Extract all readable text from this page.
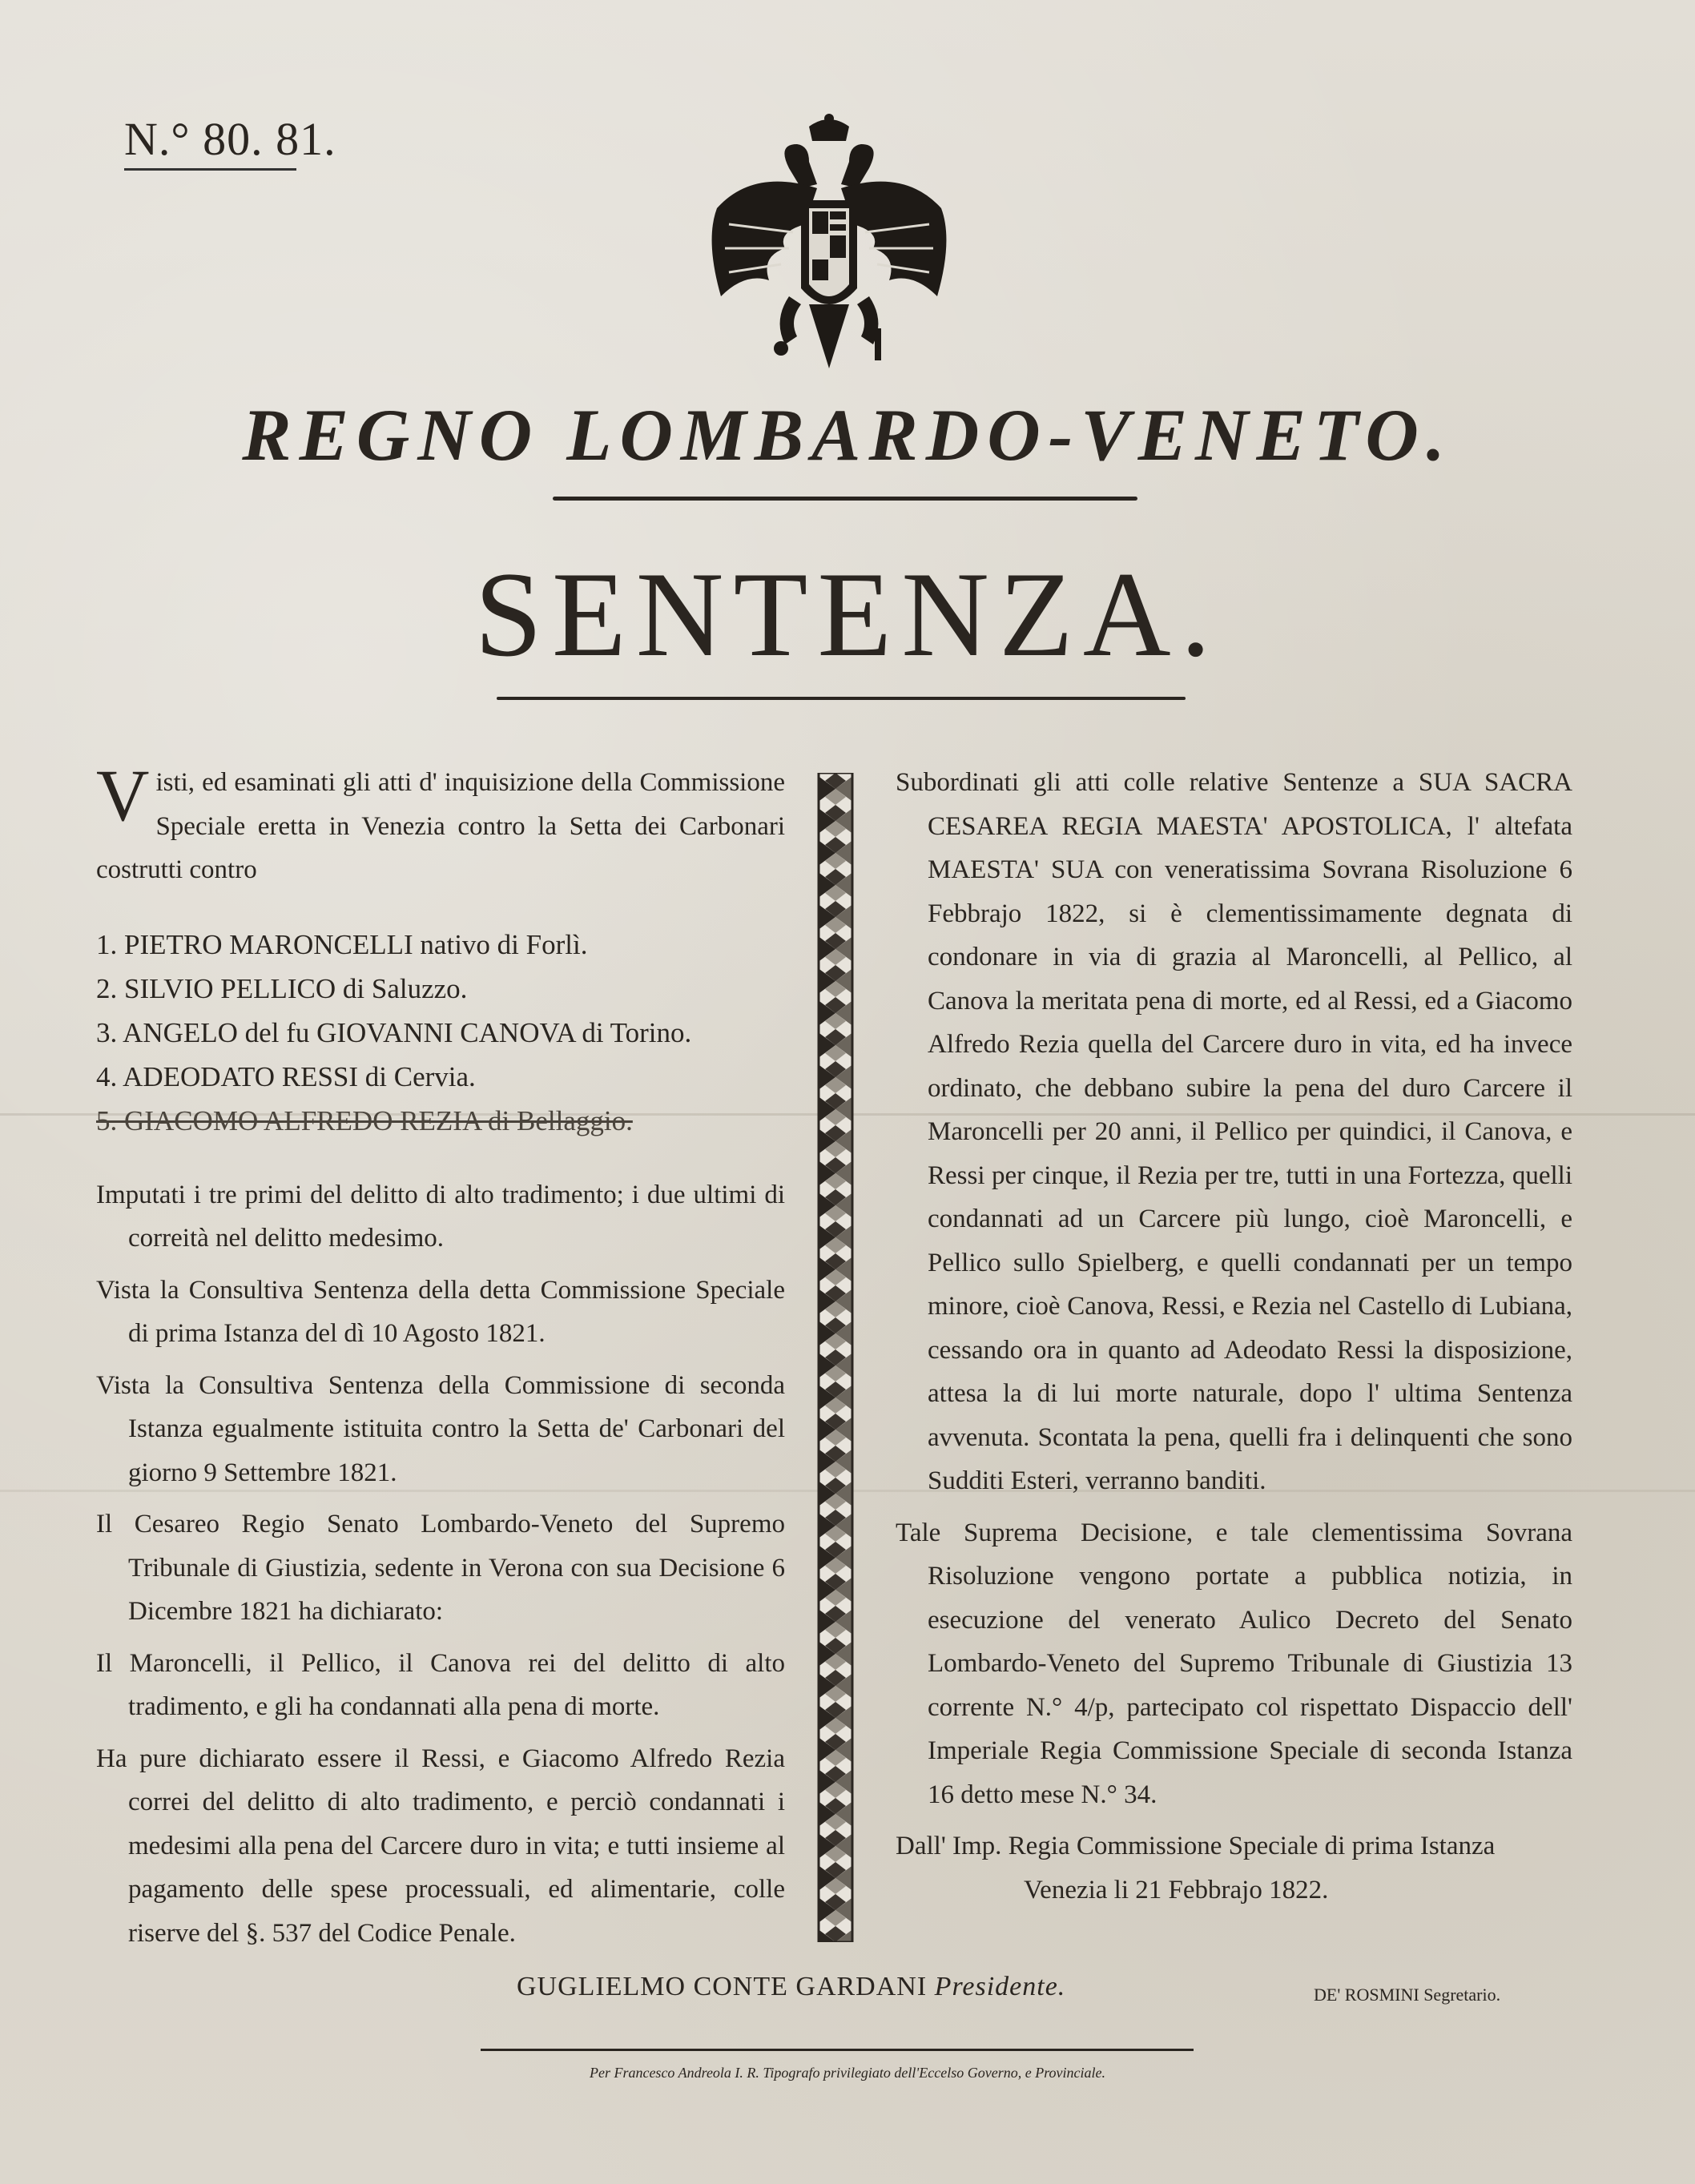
N.° 80. 81.
REGNO LOMBARDO-VENETO.
SENTENZA.

Visti, ed esaminati gli atti d' inquisizione della Commissione Speciale eretta in Venezia contro la Setta dei Carbonari costrutti contro

1. PIETRO MARONCELLI nativo di Forlì.
2. SILVIO PELLICO di Saluzzo.
3. ANGELO del fu GIOVANNI CANOVA di Torino.
4. ADEODATO RESSI di Cervia.
5. GIACOMO ALFREDO REZIA di Bellaggio.

Imputati i tre primi del delitto di alto tradimento; i due ultimi di correità nel delitto medesimo.

Vista la Consultiva Sentenza della detta Commissione Speciale di prima Istanza del dì 10 Agosto 1821.

Vista la Consultiva Sentenza della Commissione di seconda Istanza egualmente istituita contro la Setta de' Carbonari del giorno 9 Settembre 1821.

Il Cesareo Regio Senato Lombardo-Veneto del Supremo Tribunale di Giustizia, sedente in Verona con sua Decisione 6 Dicembre 1821 ha dichiarato:

Il Maroncelli, il Pellico, il Canova rei del delitto di alto tradimento, e gli ha condannati alla pena di morte.

Ha pure dichiarato essere il Ressi, e Giacomo Alfredo Rezia correi del delitto di alto tradimento, e perciò condannati i medesimi alla pena del Carcere duro in vita; e tutti insieme al pagamento delle spese processuali, ed alimentarie, colle riserve del §. 537 del Codice Penale.

Subordinati gli atti colle relative Sentenze a SUA SACRA CESAREA REGIA MAESTA' APOSTOLICA, l' altefata MAESTA' SUA con veneratissima Sovrana Risoluzione 6 Febbrajo 1822, si è clementissimamente degnata di condonare in via di grazia al Maroncelli, al Pellico, al Canova la meritata pena di morte, ed al Ressi, ed a Giacomo Alfredo Rezia quella del Carcere duro in vita, ed ha invece ordinato, che debbano subire la pena del duro Carcere il Maroncelli per 20 anni, il Pellico per quindici, il Canova, e Ressi per cinque, il Rezia per tre, tutti in una Fortezza, quelli condannati ad un Carcere più lungo, cioè Maroncelli, e Pellico sullo Spielberg, e quelli condannati per un tempo minore, cioè Canova, Ressi, e Rezia nel Castello di Lubiana, cessando ora in quanto ad Adeodato Ressi la disposizione, attesa la di lui morte naturale, dopo l' ultima Sentenza avvenuta. Scontata la pena, quelli fra i delinquenti che sono Sudditi Esteri, verranno banditi.

Tale Suprema Decisione, e tale clementissima Sovrana Risoluzione vengono portate a pubblica notizia, in esecuzione del venerato Aulico Decreto del Senato Lombardo-Veneto del Supremo Tribunale di Giustizia 13 corrente N.° 4/p, partecipato col rispettato Dispaccio dell' Imperiale Regia Commissione Speciale di seconda Istanza 16 detto mese N.° 34.

Dall' Imp. Regia Commissione Speciale di prima Istanza

Venezia li 21 Febbrajo 1822.

GUGLIELMO CONTE GARDANI Presidente.	DE' ROSMINI Segretario.
Per Francesco Andreola I. R. Tipografo privilegiato dell'Eccelso Governo, e Provinciale.
